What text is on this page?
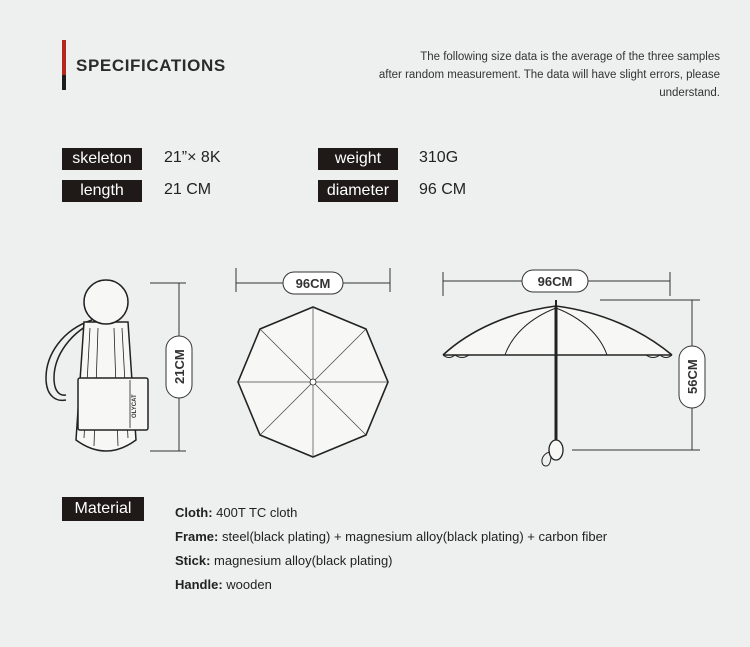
SPECIFICATIONS	The following size data is the average of the three samples
after random measurement. The data will have slight errors, please understand.
skeleton	21”× 8K	weight	310G
length	21 CM	diameter	96 CM
OLYCAT
21CM
96CM	96CM
56CM
Material	Cloth: 400T TC cloth
Frame: steel(black plating) + magnesium alloy(black plating) + carbon fiber
Stick: magnesium alloy(black plating)
Handle: wooden
